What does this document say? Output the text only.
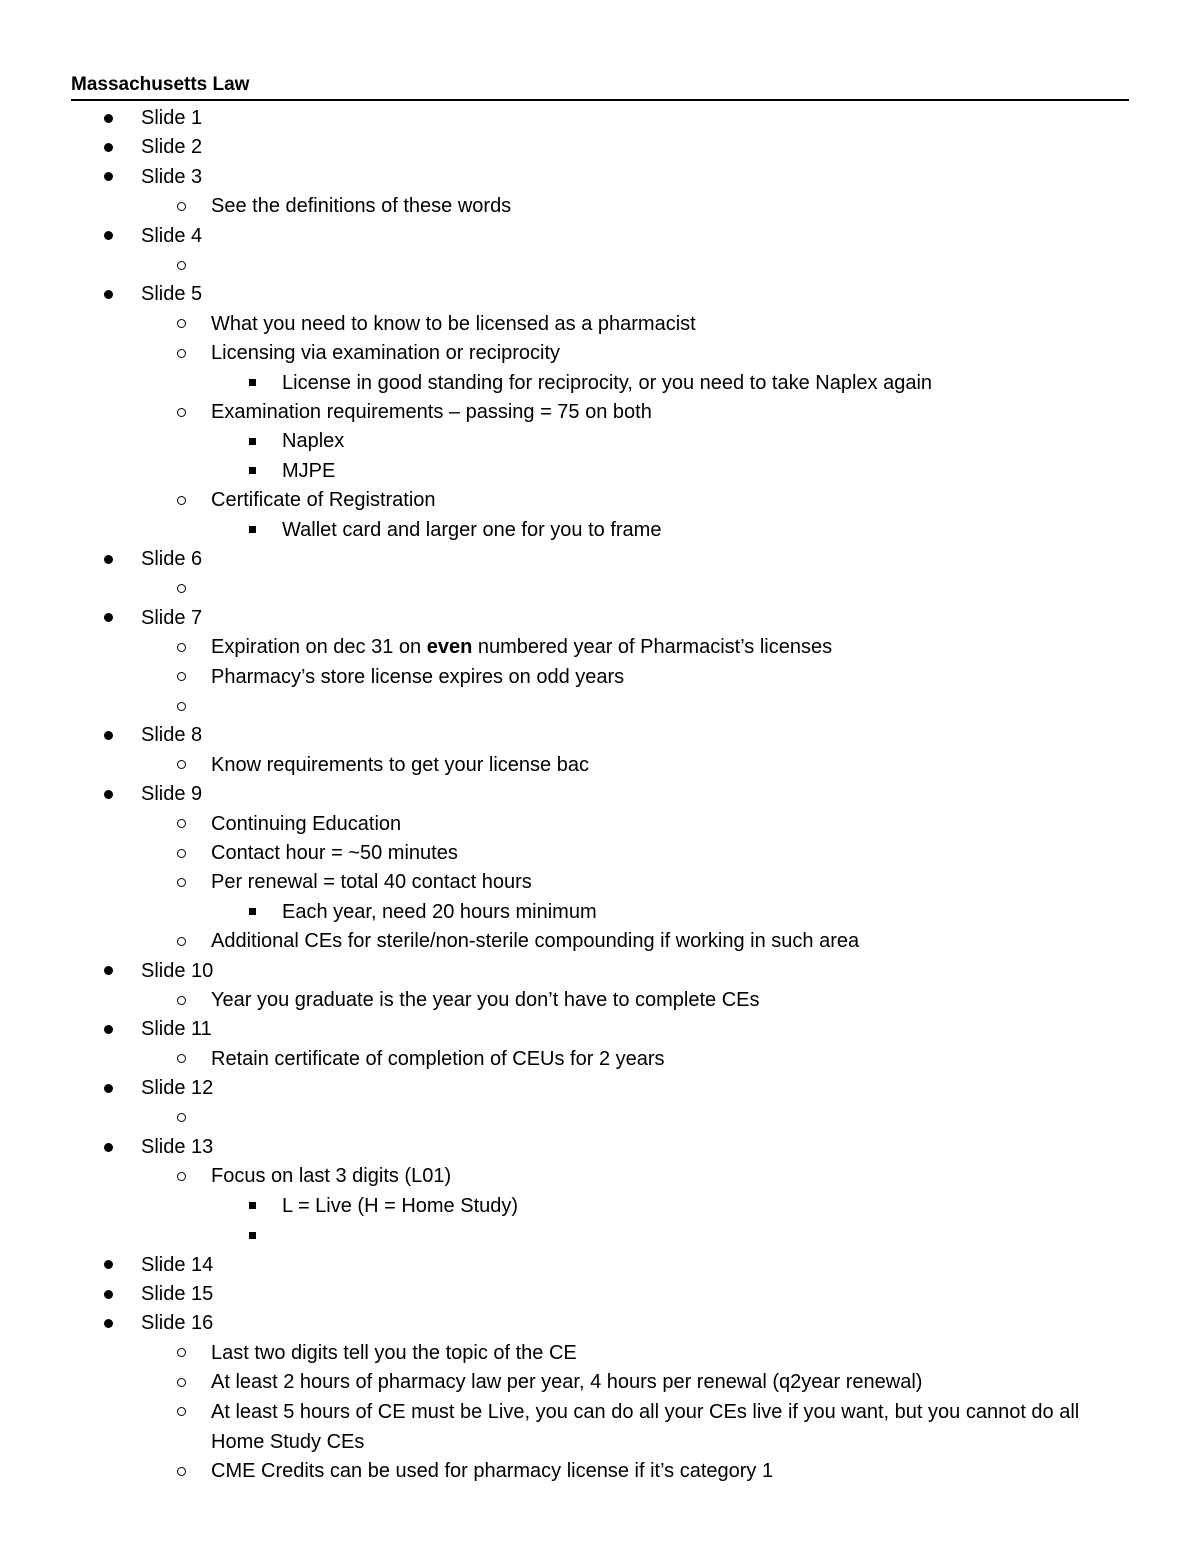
Massachusetts Law
Slide 1
Slide 2
Slide 3
See the definitions of these words
Slide 4
Slide 5
What you need to know to be licensed as a pharmacist
Licensing via examination or reciprocity
License in good standing for reciprocity, or you need to take Naplex again
Examination requirements – passing = 75 on both
Naplex
MJPE
Certificate of Registration
Wallet card and larger one for you to frame
Slide 6
Slide 7
Expiration on dec 31 on even numbered year of Pharmacist’s licenses
Pharmacy’s store license expires on odd years
Slide 8
Know requirements to get your license bac
Slide 9
Continuing Education
Contact hour = ~50 minutes
Per renewal = total 40 contact hours
Each year, need 20 hours minimum
Additional CEs for sterile/non-sterile compounding if working in such area
Slide 10
Year you graduate is the year you don’t have to complete CEs
Slide 11
Retain certificate of completion of CEUs for 2 years
Slide 12
Slide 13
Focus on last 3 digits (L01)
L = Live (H = Home Study)
Slide 14
Slide 15
Slide 16
Last two digits tell you the topic of the CE
At least 2 hours of pharmacy law per year, 4 hours per renewal (q2year renewal)
At least 5 hours of CE must be Live, you can do all your CEs live if you want, but you cannot do all Home Study CEs
CME Credits can be used for pharmacy license if it’s category 1
